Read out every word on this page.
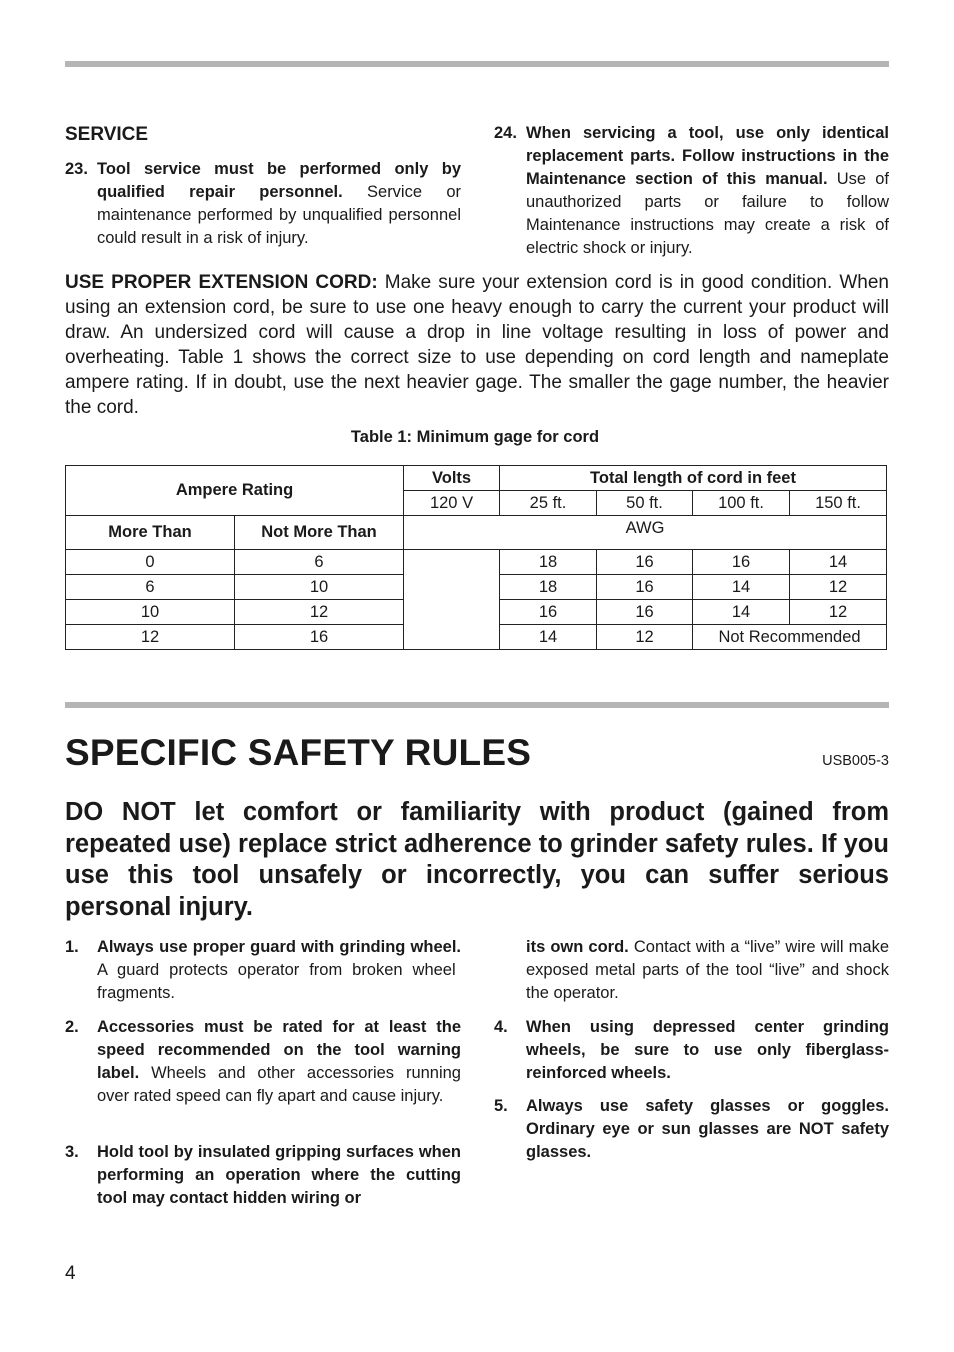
SERVICE
23. Tool service must be performed only by qualified repair personnel. Service or maintenance performed by unqualified personnel could result in a risk of injury.
24. When servicing a tool, use only identical replacement parts. Follow instructions in the Maintenance section of this manual. Use of unauthorized parts or failure to follow Maintenance instructions may create a risk of electric shock or injury.
USE PROPER EXTENSION CORD: Make sure your extension cord is in good condition. When using an extension cord, be sure to use one heavy enough to carry the current your product will draw. An undersized cord will cause a drop in line voltage resulting in loss of power and overheating. Table 1 shows the correct size to use depending on cord length and nameplate ampere rating. If in doubt, use the next heavier gage. The smaller the gage number, the heavier the cord.
Table 1: Minimum gage for cord
Ampere Rating		Volts	Total length of cord in feet			
		120 V	25 ft.	50 ft.	100 ft.	150 ft.
More Than	Not More Than	AWG				
0	6		18	16	16	14
6	10		18	16	14	12
10	12		16	16	14	12
12	16		14	12	Not Recommended	
SPECIFIC SAFETY RULES	USB005-3
DO NOT let comfort or familiarity with product (gained from repeated use) replace strict adherence to grinder safety rules. If you use this tool unsafely or incorrectly, you can suffer serious personal injury.
1. Always use proper guard with grinding wheel. A guard protects operator from broken wheel fragments.
2. Accessories must be rated for at least the speed recommended on the tool warning label. Wheels and other accessories running over rated speed can fly apart and cause injury.
3. Hold tool by insulated gripping surfaces when performing an operation where the cutting tool may contact hidden wiring or
its own cord. Contact with a “live” wire will make exposed metal parts of the tool “live” and shock the operator.
4. When using depressed center grinding wheels, be sure to use only fiberglass-reinforced wheels.
5. Always use safety glasses or goggles. Ordinary eye or sun glasses are NOT safety glasses.
4
